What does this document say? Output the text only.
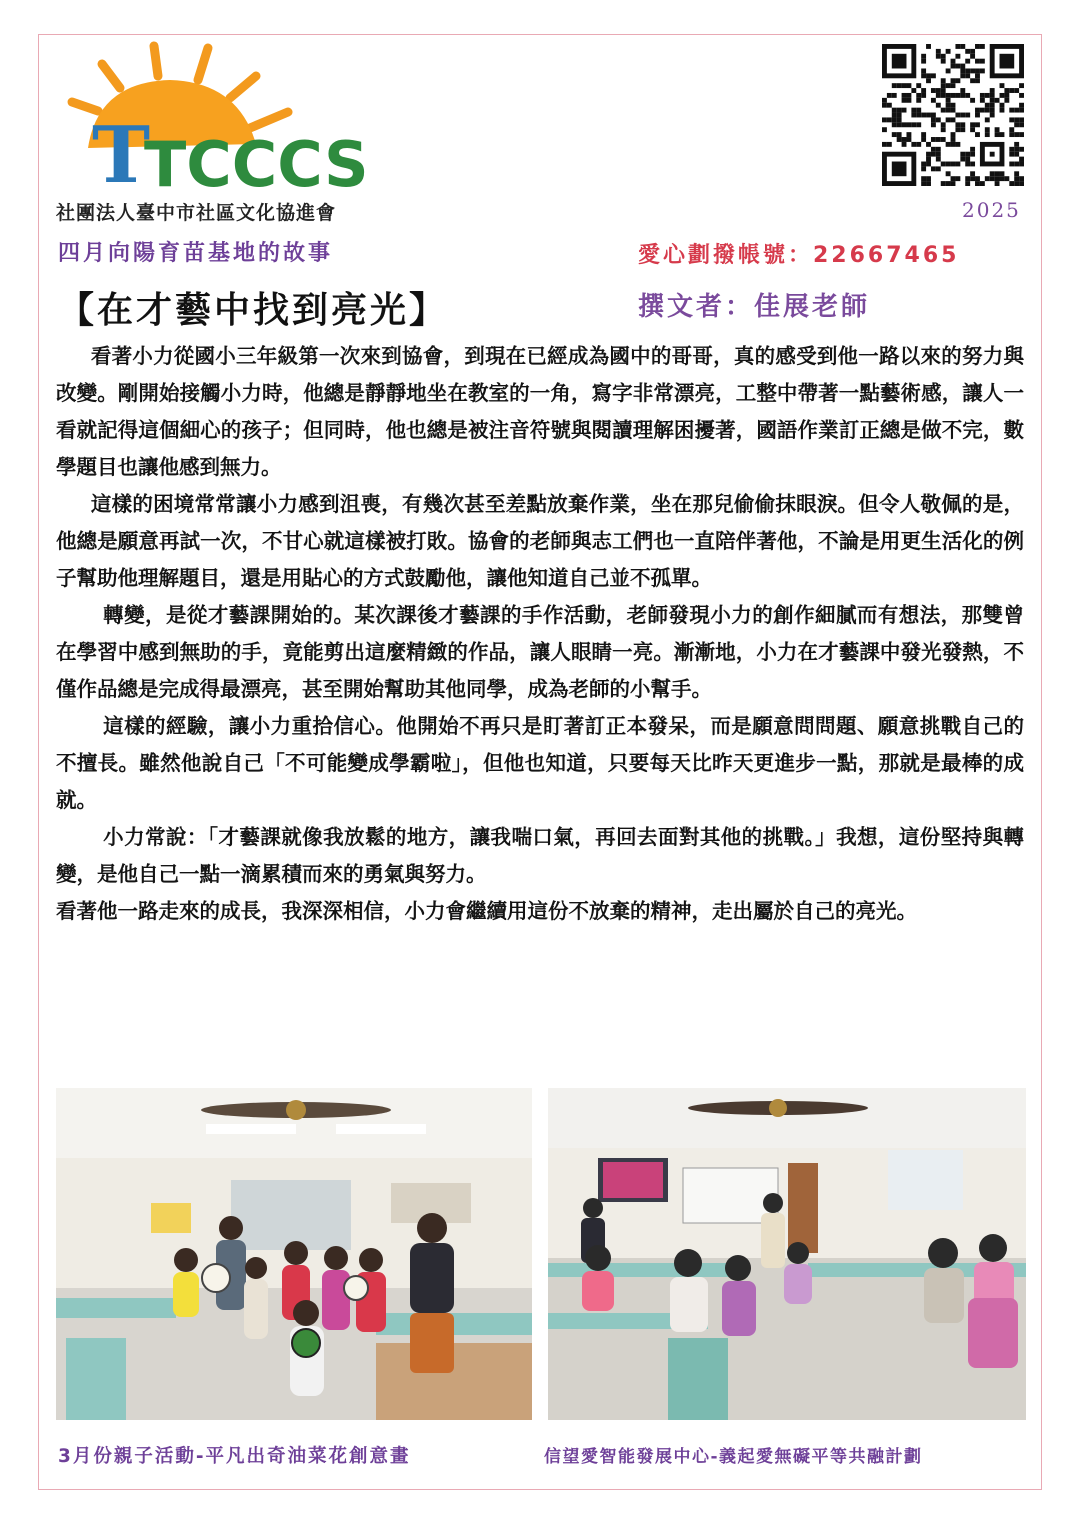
T
TCCCS
社團法人臺中市社區文化協進會	2025
四月向陽育苗基地的故事	愛心劃撥帳號：22667465
【在才藝中找到亮光】	撰文者：佳展老師

看著小力從國小三年級第一次來到協會，到現在已經成為國中的哥哥，真的感受到他一路以來的努力與改變。剛開始接觸小力時，他總是靜靜地坐在教室的一角，寫字非常漂亮，工整中帶著一點藝術感，讓人一看就記得這個細心的孩子；但同時，他也總是被注音符號與閱讀理解困擾著，國語作業訂正總是做不完，數學題目也讓他感到無力。

這樣的困境常常讓小力感到沮喪，有幾次甚至差點放棄作業，坐在那兒偷偷抹眼淚。但令人敬佩的是，他總是願意再試一次，不甘心就這樣被打敗。協會的老師與志工們也一直陪伴著他，不論是用更生活化的例子幫助他理解題目，還是用貼心的方式鼓勵他，讓他知道自己並不孤單。

轉變，是從才藝課開始的。某次課後才藝課的手作活動，老師發現小力的創作細膩而有想法，那雙曾在學習中感到無助的手，竟能剪出這麼精緻的作品，讓人眼睛一亮。漸漸地，小力在才藝課中發光發熱，不僅作品總是完成得最漂亮，甚至開始幫助其他同學，成為老師的小幫手。

這樣的經驗，讓小力重拾信心。他開始不再只是盯著訂正本發呆，而是願意問問題、願意挑戰自己的不擅長。雖然他說自己「不可能變成學霸啦」，但他也知道，只要每天比昨天更進步一點，那就是最棒的成就。

小力常說：「才藝課就像我放鬆的地方，讓我喘口氣，再回去面對其他的挑戰。」我想，這份堅持與轉變，是他自己一點一滴累積而來的勇氣與努力。

看著他一路走來的成長，我深深相信，小力會繼續用這份不放棄的精神，走出屬於自己的亮光。

3月份親子活動-平凡出奇油菜花創意畫	信望愛智能發展中心-義起愛無礙平等共融計劃
